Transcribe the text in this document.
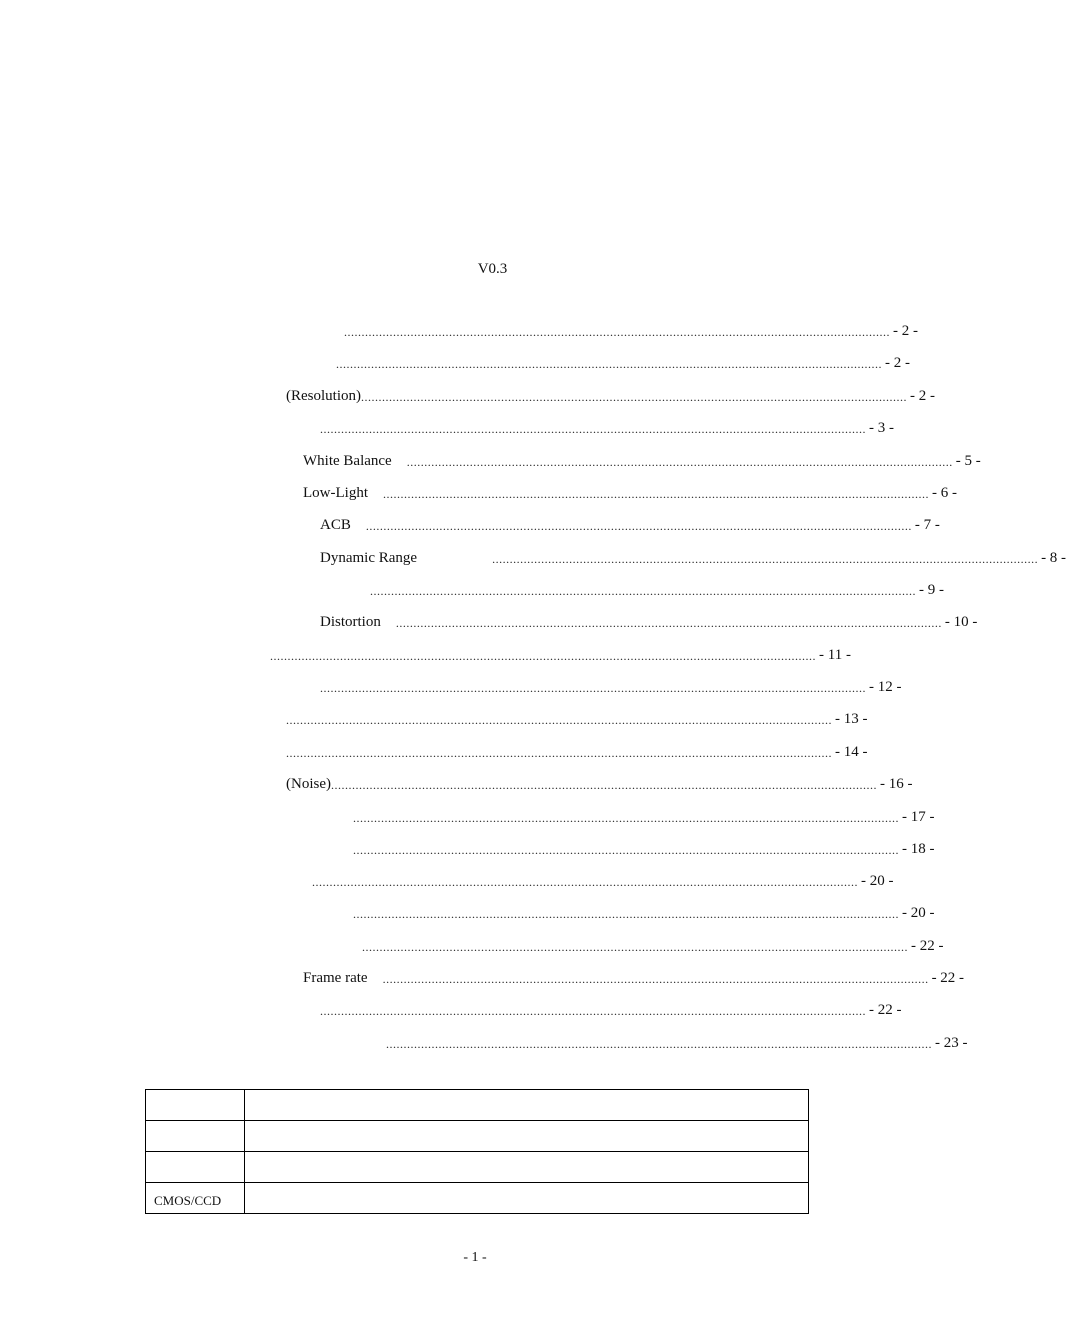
V0.3
............................................................................................................................................................ - 2 -
............................................................................................................................................................ - 2 -
(Resolution) ............................................................................................................................................................ - 2 -
............................................................................................................................................................ - 3 -
White Balance ............................................................................................................................................................ - 5 -
Low-Light ............................................................................................................................................................ - 6 -
ACB ............................................................................................................................................................ - 7 -
Dynamic Range	............................................................................................................................................................ - 8 -
............................................................................................................................................................ - 9 -
Distortion ............................................................................................................................................................ - 10 -
............................................................................................................................................................ - 11 -
............................................................................................................................................................ - 12 -
............................................................................................................................................................ - 13 -
............................................................................................................................................................ - 14 -
(Noise) ............................................................................................................................................................ - 16 -
............................................................................................................................................................ - 17 -
............................................................................................................................................................ - 18 -
............................................................................................................................................................ - 20 -
............................................................................................................................................................ - 20 -
............................................................................................................................................................ - 22 -
Frame rate ............................................................................................................................................................ - 22 -
............................................................................................................................................................ - 22 -
............................................................................................................................................................ - 23 -

CMOS/CCD	
- 1 -
